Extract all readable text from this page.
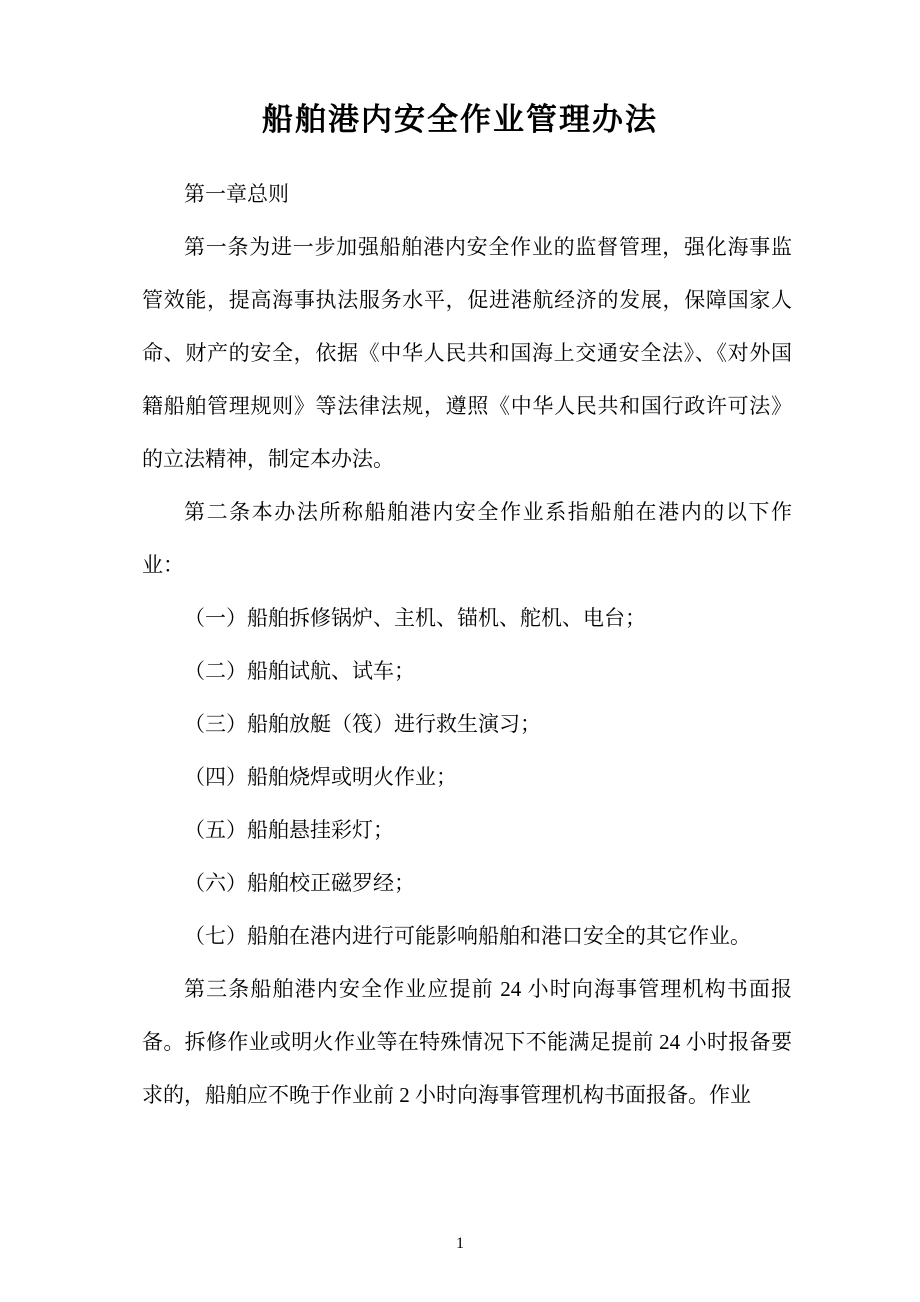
船舶港内安全作业管理办法

第一章总则

第一条为进一步加强船舶港内安全作业的监督管理，强化海事监管效能，提高海事执法服务水平，促进港航经济的发展，保障国家人命、财产的安全，依据《中华人民共和国海上交通安全法》、《对外国籍船舶管理规则》等法律法规，遵照《中华人民共和国行政许可法》的立法精神，制定本办法。

第二条本办法所称船舶港内安全作业系指船舶在港内的以下作业：

（一）船舶拆修锅炉、主机、锚机、舵机、电台；

（二）船舶试航、试车；

（三）船舶放艇（筏）进行救生演习；

（四）船舶烧焊或明火作业；

（五）船舶悬挂彩灯；

（六）船舶校正磁罗经；

（七）船舶在港内进行可能影响船舶和港口安全的其它作业。

第三条船舶港内安全作业应提前 24 小时向海事管理机构书面报备。拆修作业或明火作业等在特殊情况下不能满足提前 24 小时报备要求的，船舶应不晚于作业前 2 小时向海事管理机构书面报备。作业

1
